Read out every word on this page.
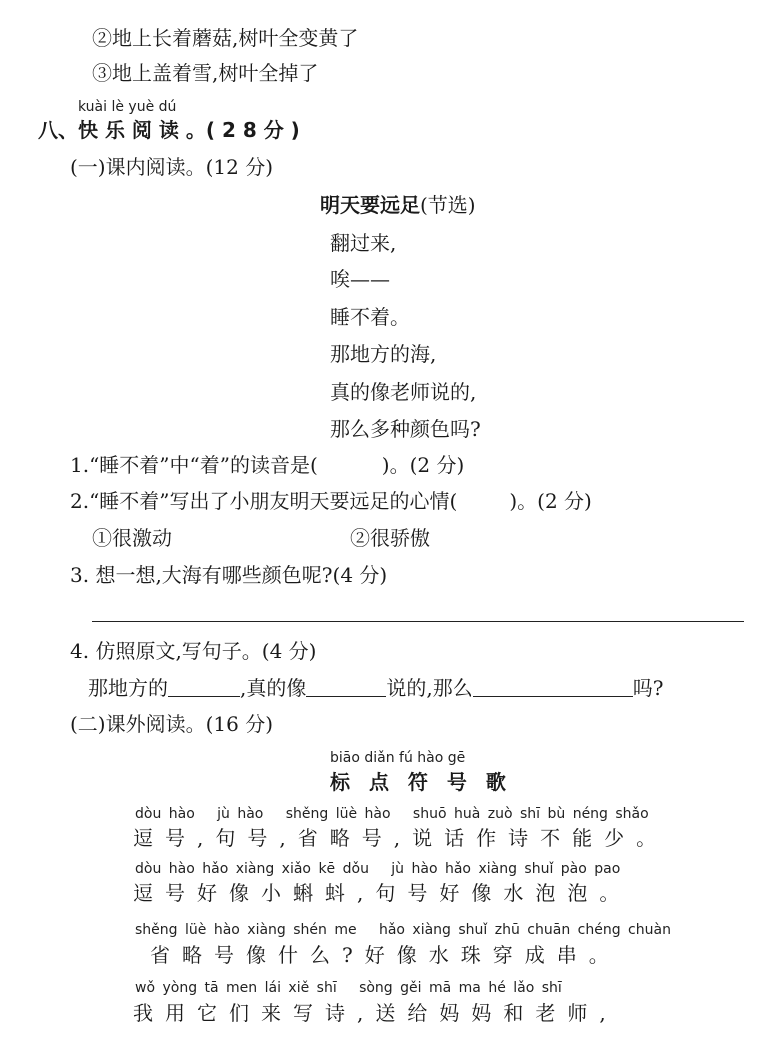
②地上长着蘑菇,树叶全变黄了
③地上盖着雪,树叶全掉了
kuài lè yuè dú
八、快 乐 阅 读 。( 2 8 分 )
(一)课内阅读。(12 分)
明天要远足(节选)
翻过来,
唉——
睡不着。
那地方的海,
真的像老师说的,
那么多种颜色吗?
1.“睡不着”中“着”的读音是(	)。(2 分)
2.“睡不着”写出了小朋友明天要远足的心情(	)。(2 分)
①很激动	②很骄傲
3. 想一想,大海有哪些颜色呢?(4 分)
4. 仿照原文,写句子。(4 分)
那地方的	,真的像	说的,那么	吗?
(二)课外阅读。(16 分)
biāo diǎn fú hào gē
标 点 符 号 歌
dòu hào   jù hào   shěng lüè hào   shuō huà zuò shī bù néng shǎo
逗号,句号,省略号,说话作诗不能少。
dòu hào hǎo xiàng xiǎo kē dǒu   jù hào hǎo xiàng shuǐ pào pao
逗号好像小蝌蚪,句号好像水泡泡。
shěng lüè hào xiàng shén me   hǎo xiàng shuǐ zhū chuān chéng chuàn
省略号像什么?好像水珠穿成串。
wǒ yòng tā men lái xiě shī   sòng gěi mā ma hé lǎo shī
我用它们来写诗,送给妈妈和老师,
